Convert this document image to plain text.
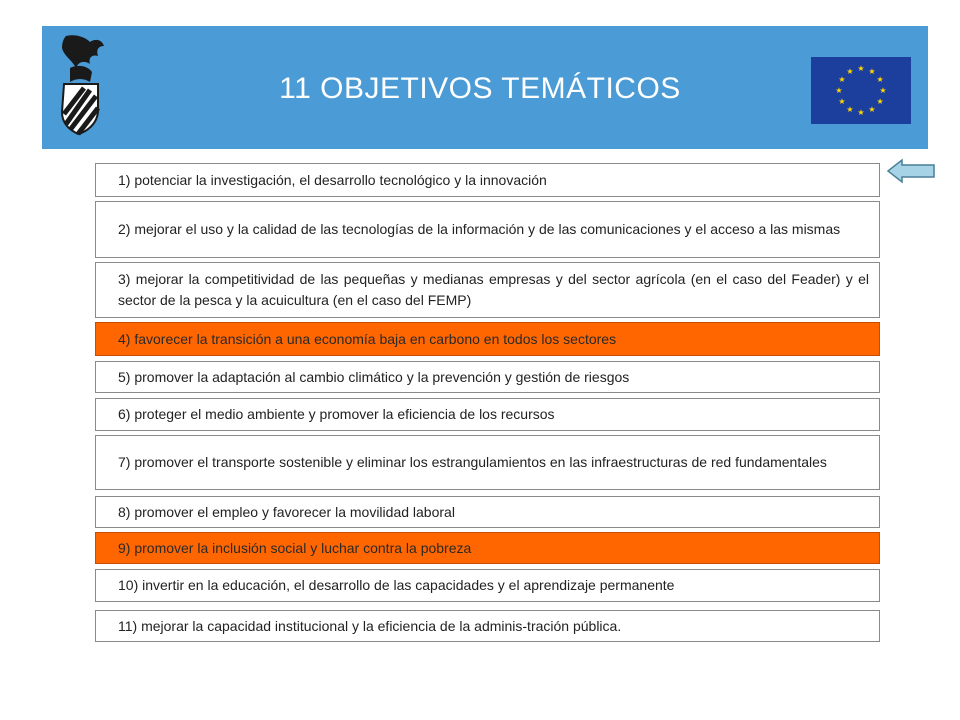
11 OBJETIVOS TEMÁTICOS
★ ★
★
★
★
★
★
★
★
★
★
★
1) potenciar la investigación, el desarrollo tecnológico y la innovación
2) mejorar el uso y la calidad de las tecnologías de la información y de las comunicaciones y el acceso a las mismas
3) mejorar la competitividad de las pequeñas y medianas empresas y del sector agrícola (en el caso del Feader) y el sector de la pesca y la acuicultura (en el caso del FEMP)
4) favorecer la transición a una economía baja en carbono en todos los sectores
5) promover la adaptación al cambio climático y la prevención y gestión de riesgos
6) proteger el medio ambiente y promover la eficiencia de los recursos
7) promover el transporte sostenible y eliminar los estrangulamientos en las infraestructuras de red fundamentales
8) promover el empleo y favorecer la movilidad laboral
9) promover la inclusión social y luchar contra la pobreza
10) invertir en la educación, el desarrollo de las capacidades y el aprendizaje permanente
11) mejorar la capacidad institucional y la eficiencia de la adminis-tración pública.
